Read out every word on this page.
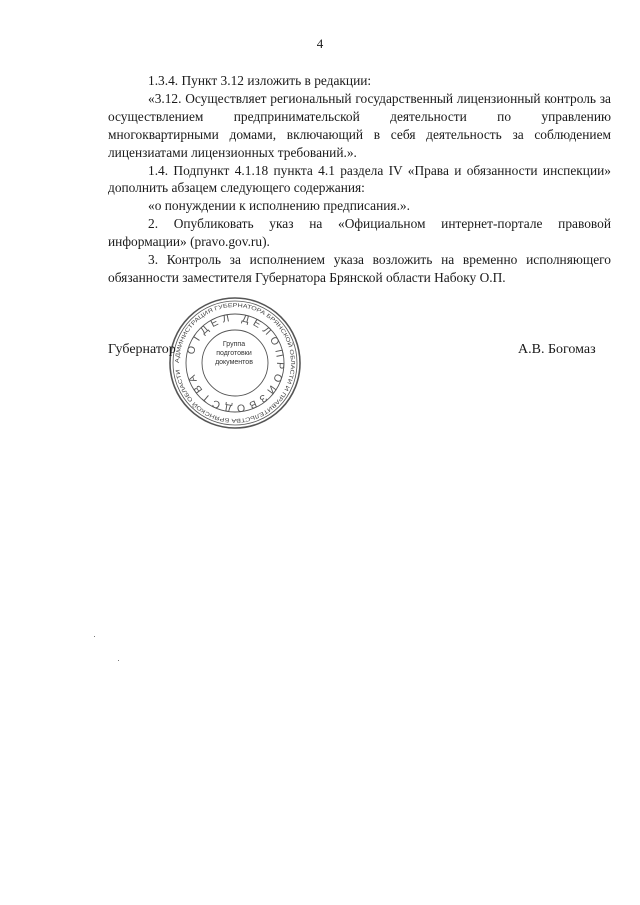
4

1.3.4. Пункт 3.12 изложить в редакции:

«3.12. Осуществляет региональный государственный лицензионный контроль за осуществлением предпринимательской деятельности по управлению многоквартирными домами, включающий в себя деятельность за соблюдением лицензиатами лицензионных требований.».

1.4. Подпункт 4.1.18 пункта 4.1 раздела IV «Права и обязанности инспекции» дополнить абзацем следующего содержания:

«о понуждении к исполнению предписания.».

2. Опубликовать указ на «Официальном интернет-портале правовой информации» (pravo.gov.ru).

3. Контроль за исполнением указа возложить на временно исполняющего обязанности заместителя Губернатора Брянской области Набоку О.П.

АДМИНИСТРАЦИЯ ГУБЕРНАТОРА БРЯНСКОЙ ОБЛАСТИ И ПРАВИТЕЛЬСТВА БРЯНСКОЙ ОБЛАСТИ
ОТДЕЛ ДЕЛОПРОИЗВОДСТВА
Группа
подготовки
документов
Губернатор	А.В. Богомаз
